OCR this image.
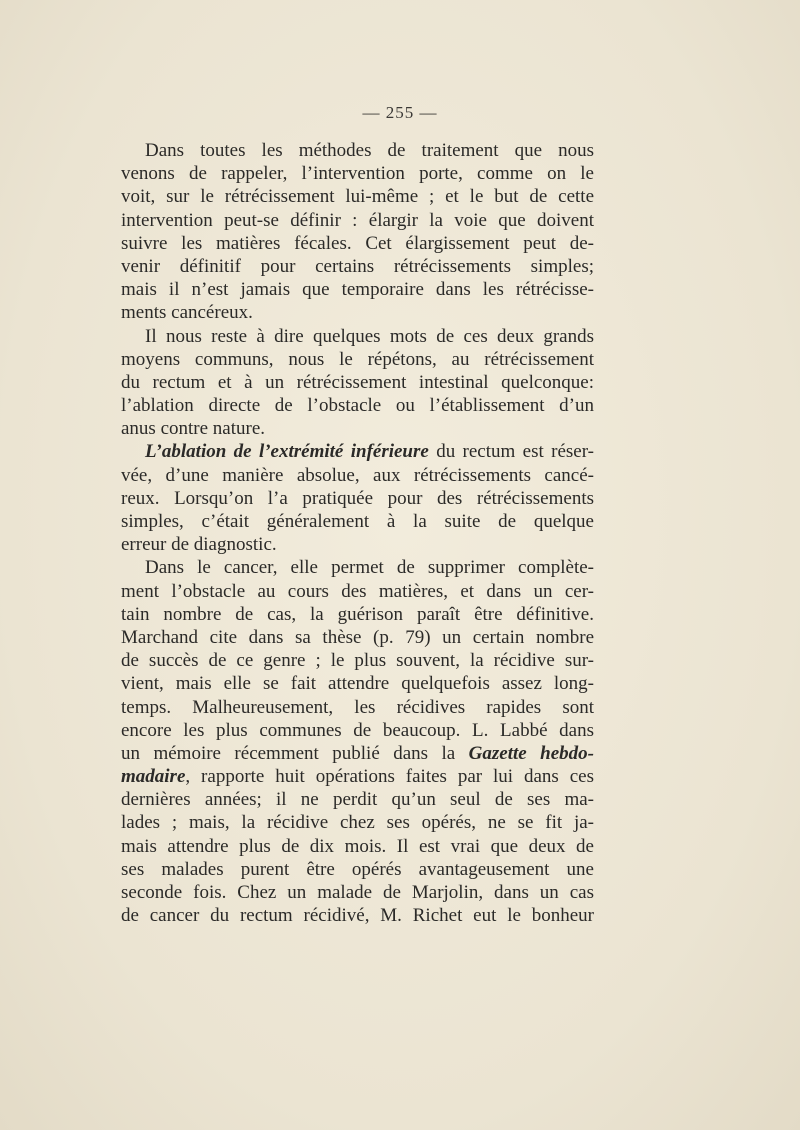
— 255 —
Dans toutes les méthodes de traitement que nous
venons de rappeler, l’intervention porte, comme on le
voit, sur le rétrécissement lui-même ; et le but de cette
intervention peut-se définir : élargir la voie que doivent
suivre les matières fécales. Cet élargissement peut de-
venir définitif pour certains rétrécissements simples;
mais il n’est jamais que temporaire dans les rétrécisse-
ments cancéreux.
Il nous reste à dire quelques mots de ces deux grands
moyens communs, nous le répétons, au rétrécissement
du rectum et à un rétrécissement intestinal quelconque:
l’ablation directe de l’obstacle ou l’établissement d’un
anus contre nature.
L’ablation de l’extrémité inférieure du rectum est réser-
vée, d’une manière absolue, aux rétrécissements cancé-
reux. Lorsqu’on l’a pratiquée pour des rétrécissements
simples, c’était généralement à la suite de quelque
erreur de diagnostic.
Dans le cancer, elle permet de supprimer complète-
ment l’obstacle au cours des matières, et dans un cer-
tain nombre de cas, la guérison paraît être définitive.
Marchand cite dans sa thèse (p. 79) un certain nombre
de succès de ce genre ; le plus souvent, la récidive sur-
vient, mais elle se fait attendre quelquefois assez long-
temps. Malheureusement, les récidives rapides sont
encore les plus communes de beaucoup. L. Labbé dans
un mémoire récemment publié dans la Gazette hebdo-
madaire, rapporte huit opérations faites par lui dans ces
dernières années; il ne perdit qu’un seul de ses ma-
lades ; mais, la récidive chez ses opérés, ne se fit ja-
mais attendre plus de dix mois. Il est vrai que deux de
ses malades purent être opérés avantageusement une
seconde fois. Chez un malade de Marjolin, dans un cas
de cancer du rectum récidivé, M. Richet eut le bonheur
